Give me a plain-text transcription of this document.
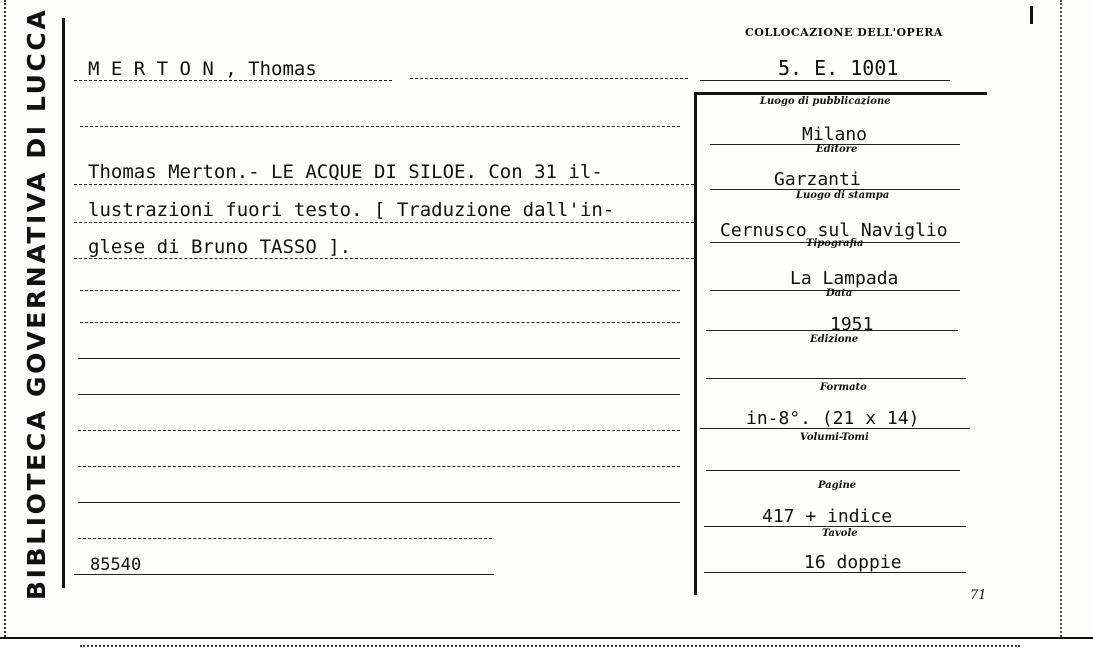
BIBLIOTECA GOVERNATIVA DI LUCCA	COLLOCAZIONE DELL'OPERA
5. E. 1001
M E R T O N , Thomas
Thomas Merton.- LE ACQUE DI SILOE. Con 31 il-
lustrazioni fuori testo. [ Traduzione dall'in-
glese di Bruno TASSO ].
85540
Luogo di pubblicazione
Milano
Editore
Garzanti
Luogo di stampa
Cernusco sul Naviglio
Tipografia
La Lampada
Data
1951
Edizione
Formato
in-8°. (21 x 14)
Volumi-Tomi
Pagine
417 + indice
Tavole
16 doppie
71
